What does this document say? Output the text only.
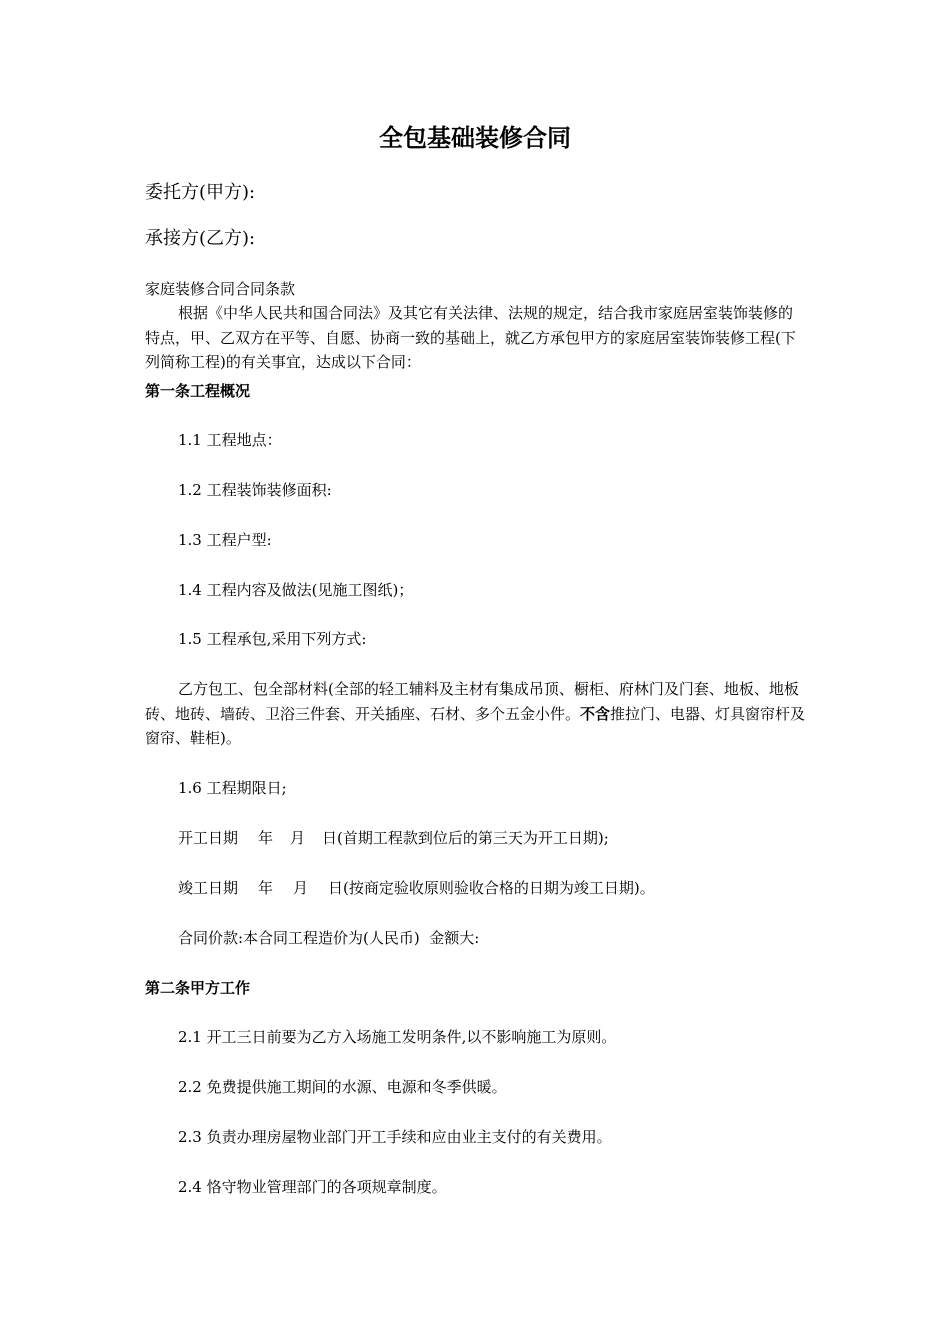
全包基础装修合同
委托方(甲方):
承接方(乙方):
家庭装修合同合同条款
根据《中华人民共和国合同法》及其它有关法律、法规的规定，结合我市家庭居室装饰装修的特点，甲、乙双方在平等、自愿、协商一致的基础上，就乙方承包甲方的家庭居室装饰装修工程(下列简称工程)的有关事宜，达成以下合同：
第一条工程概况
1.1 工程地点：
1.2 工程装饰装修面积:
1.3 工程户型:
1.4 工程内容及做法(见施工图纸)；
1.5 工程承包,采用下列方式:
乙方包工、包全部材料(全部的轻工辅料及主材有集成吊顶、橱柜、府林门及门套、地板、地板砖、地砖、墙砖、卫浴三件套、开关插座、石材、多个五金小件。不含推拉门、电器、灯具窗帘杆及窗帘、鞋柜)。
1.6 工程期限日;
开工日期 年 月 日(首期工程款到位后的第三天为开工日期);
竣工日期 年 月 日(按商定验收原则验收合格的日期为竣工日期)。
合同价款:本合同工程造价为(人民币)  金额大:
第二条甲方工作
2.1 开工三日前要为乙方入场施工发明条件,以不影响施工为原则。
2.2 免费提供施工期间的水源、电源和冬季供暖。
2.3 负责办理房屋物业部门开工手续和应由业主支付的有关费用。
2.4 恪守物业管理部门的各项规章制度。
